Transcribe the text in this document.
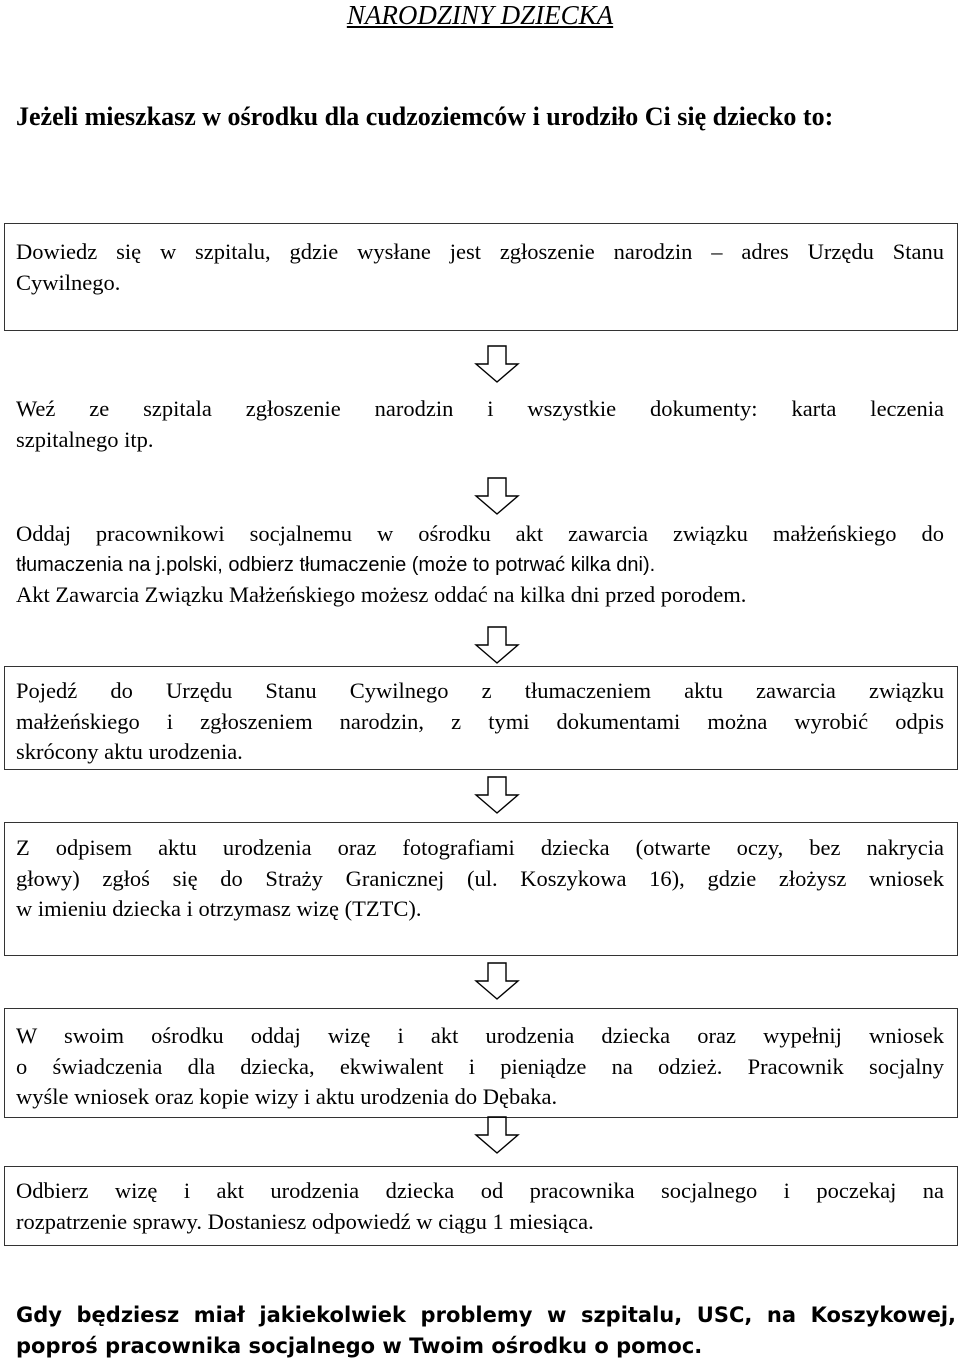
NARODZINY DZIECKA
Jeżeli mieszkasz w ośrodku dla cudzoziemców i urodziło Ci się dziecko to:
Dowiedz się w szpitalu, gdzie wysłane jest zgłoszenie narodzin – adres Urzędu Stanu
Cywilnego.
Weź ze szpitala zgłoszenie narodzin i wszystkie dokumenty: karta leczenia
szpitalnego itp.
Oddaj pracownikowi socjalnemu w ośrodku akt zawarcia związku małżeńskiego do
tłumaczenia na j.polski, odbierz tłumaczenie (może to potrwać kilka dni).
Akt Zawarcia Związku Małżeńskiego możesz oddać na kilka dni przed porodem.
Pojedź do Urzędu Stanu Cywilnego z tłumaczeniem aktu zawarcia związku
małżeńskiego i zgłoszeniem narodzin, z tymi dokumentami można wyrobić odpis
skrócony aktu urodzenia.
Z odpisem aktu urodzenia oraz fotografiami dziecka (otwarte oczy, bez nakrycia
głowy) zgłoś się do Straży Granicznej (ul. Koszykowa 16), gdzie złożysz wniosek
w imieniu dziecka i otrzymasz wizę (TZTC).
W swoim ośrodku oddaj wizę i akt urodzenia dziecka oraz wypełnij wniosek
o świadczenia dla dziecka, ekwiwalent i pieniądze na odzież. Pracownik socjalny
wyśle wniosek oraz kopie wizy i aktu urodzenia do Dębaka.
Odbierz wizę i akt urodzenia dziecka od pracownika socjalnego i poczekaj na
rozpatrzenie sprawy. Dostaniesz odpowiedź w ciągu 1 miesiąca.
Gdy będziesz miał jakiekolwiek problemy w szpitalu, USC, na Koszykowej, poproś pracownika socjalnego w Twoim ośrodku o pomoc.
